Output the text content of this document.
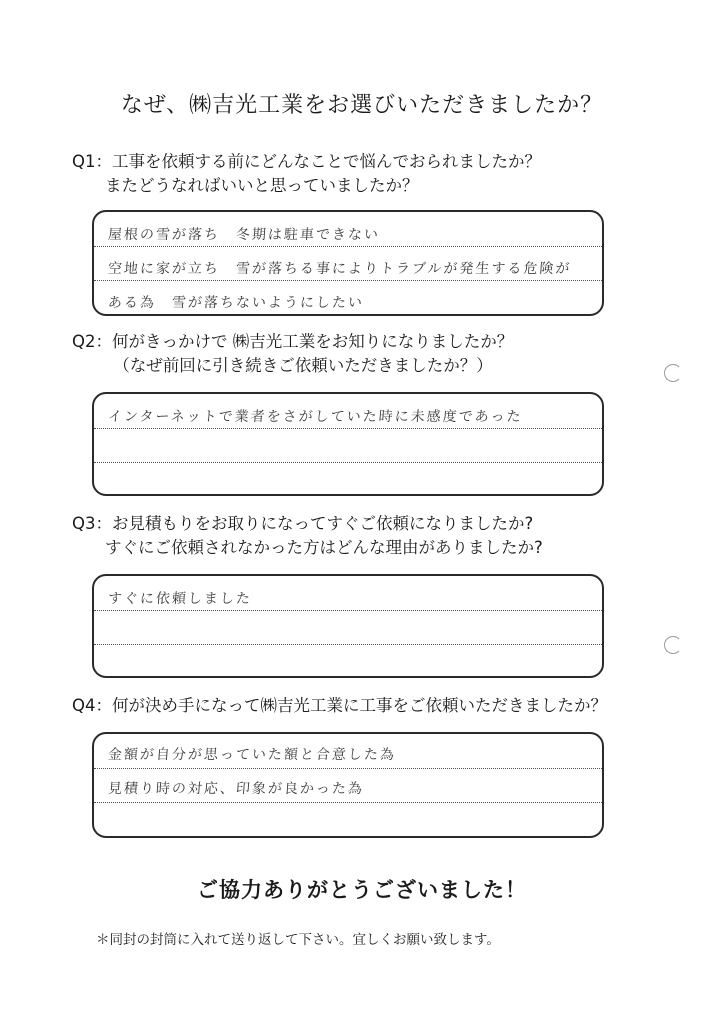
なぜ、㈱吉光工業をお選びいただきましたか？
Q1：工事を依頼する前にどんなことで悩んでおられましたか？
　　またどうなればいいと思っていましたか？
屋根の雪が落ち　冬期は駐車できない
空地に家が立ち　雪が落ちる事によりトラブルが発生する危険が
ある為　雪が落ちないようにしたい
Q2：何がきっかけで ㈱吉光工業をお知りになりましたか？
　　　（なぜ前回に引き続きご依頼いただきましたか？）
インターネットで業者をさがしていた時に未感度であった
Q3：お見積もりをお取りになってすぐご依頼になりましたか?
　　すぐにご依頼されなかった方はどんな理由がありましたか?
すぐに依頼しました
Q4：何が決め手になって㈱吉光工業に工事をご依頼いただきましたか？
金額が自分が思っていた額と合意した為
見積り時の対応、印象が良かった為
ご協力ありがとうございました！
＊同封の封筒に入れて送り返して下さい。宜しくお願い致します。
